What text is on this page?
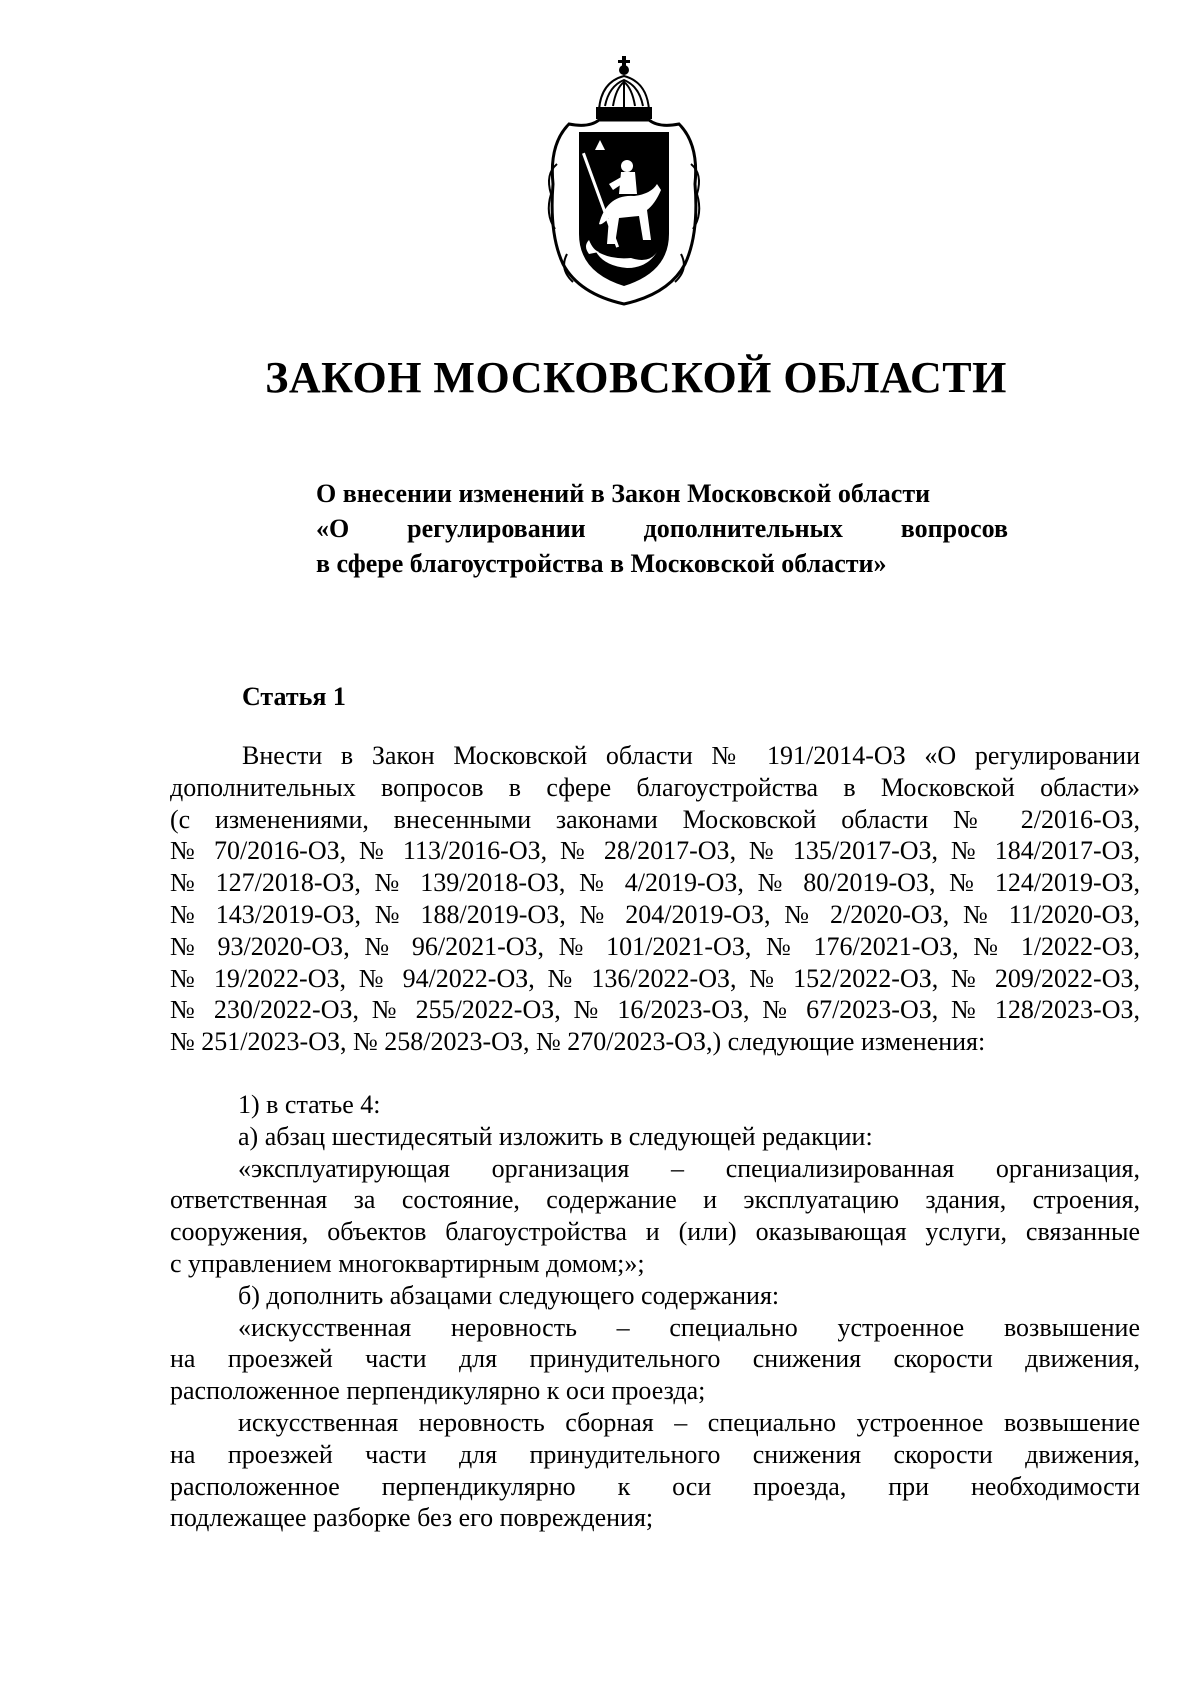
ЗАКОН МОСКОВСКОЙ ОБЛАСТИ
О внесении изменений в Закон Московской области
«О регулировании дополнительных вопросов
в сфере благоустройства в Московской области»
Статья 1
Внести в Закон Московской области № 191/2014-ОЗ «О регулировании
дополнительных вопросов в сфере благоустройства в Московской области»
(с изменениями, внесенными законами Московской области № 2/2016-ОЗ,
№ 70/2016-ОЗ, № 113/2016-ОЗ, № 28/2017-ОЗ, № 135/2017-ОЗ, № 184/2017-ОЗ,
№ 127/2018-ОЗ, № 139/2018-ОЗ, № 4/2019-ОЗ, № 80/2019-ОЗ, № 124/2019-ОЗ,
№ 143/2019-ОЗ, № 188/2019-ОЗ, № 204/2019-ОЗ, № 2/2020-ОЗ, № 11/2020-ОЗ,
№ 93/2020-ОЗ, № 96/2021-ОЗ, № 101/2021-ОЗ, № 176/2021-ОЗ, № 1/2022-ОЗ,
№ 19/2022-ОЗ, № 94/2022-ОЗ, № 136/2022-ОЗ, № 152/2022-ОЗ, № 209/2022-ОЗ,
№ 230/2022-ОЗ, № 255/2022-ОЗ, № 16/2023-ОЗ, № 67/2023-ОЗ, № 128/2023-ОЗ,
№ 251/2023-ОЗ, № 258/2023-ОЗ, № 270/2023-ОЗ,) следующие изменения:
1) в статье 4:
а) абзац шестидесятый изложить в следующей редакции:
«эксплуатирующая организация – специализированная организация,
ответственная за состояние, содержание и эксплуатацию здания, строения,
сооружения, объектов благоустройства и (или) оказывающая услуги, связанные
с управлением многоквартирным домом;»;
б) дополнить абзацами следующего содержания:
«искусственная неровность – специально устроенное возвышение
на проезжей части для принудительного снижения скорости движения,
расположенное перпендикулярно к оси проезда;
искусственная неровность сборная – специально устроенное возвышение
на проезжей части для принудительного снижения скорости движения,
расположенное перпендикулярно к оси проезда, при необходимости
подлежащее разборке без его повреждения;
